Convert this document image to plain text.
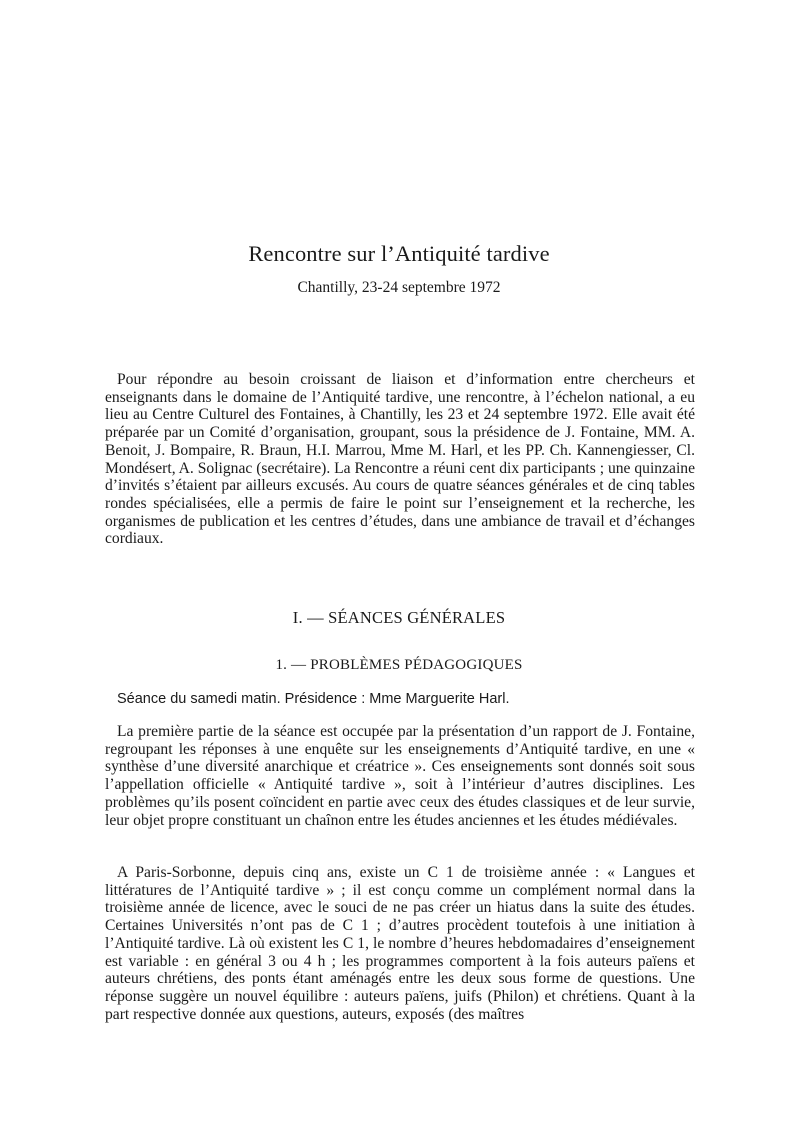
Rencontre sur l’Antiquité tardive

Chantilly, 23-24 septembre 1972

Pour répondre au besoin croissant de liaison et d’information entre chercheurs et enseignants dans le domaine de l’Antiquité tardive, une rencontre, à l’échelon national, a eu lieu au Centre Culturel des Fontaines, à Chantilly, les 23 et 24 septembre 1972. Elle avait été préparée par un Comité d’organisation, groupant, sous la présidence de J. Fontaine, MM. A. Benoit, J. Bompaire, R. Braun, H.I. Marrou, Mme M. Harl, et les PP. Ch. Kannengiesser, Cl. Mondésert, A. Solignac (secrétaire). La Rencontre a réuni cent dix participants ; une quinzaine d’invités s’étaient par ailleurs excusés. Au cours de quatre séances générales et de cinq tables rondes spécialisées, elle a permis de faire le point sur l’enseignement et la recherche, les organismes de publication et les centres d’études, dans une ambiance de travail et d’échanges cordiaux.

I. — SÉANCES GÉNÉRALES
1. — PROBLÈMES PÉDAGOGIQUES

Séance du samedi matin. Présidence : Mme Marguerite Harl.

La première partie de la séance est occupée par la présentation d’un rapport de J. Fontaine, regroupant les réponses à une enquête sur les enseignements d’Antiquité tardive, en une « synthèse d’une diversité anarchique et créatrice ». Ces enseignements sont donnés soit sous l’appellation officielle « Antiquité tardive », soit à l’intérieur d’autres disciplines. Les problèmes qu’ils posent coïncident en partie avec ceux des études classiques et de leur survie, leur objet propre constituant un chaînon entre les études anciennes et les études médiévales.

A Paris-Sorbonne, depuis cinq ans, existe un C 1 de troisième année : « Langues et littératures de l’Antiquité tardive » ; il est conçu comme un complément normal dans la troisième année de licence, avec le souci de ne pas créer un hiatus dans la suite des études. Certaines Universités n’ont pas de C 1 ; d’autres procèdent toutefois à une initiation à l’Antiquité tardive. Là où existent les C 1, le nombre d’heures hebdomadaires d’enseignement est variable : en général 3 ou 4 h ; les programmes comportent à la fois auteurs païens et auteurs chrétiens, des ponts étant aménagés entre les deux sous forme de questions. Une réponse suggère un nouvel équilibre : auteurs païens, juifs (Philon) et chrétiens. Quant à la part respective donnée aux questions, auteurs, exposés (des maîtres
